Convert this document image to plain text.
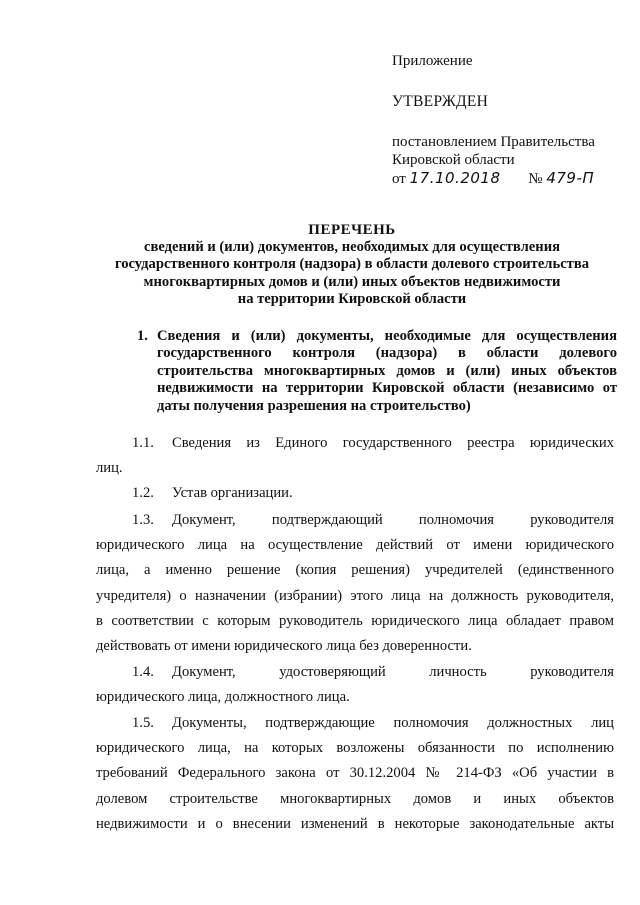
Приложение
УТВЕРЖДЕН
постановлением Правительства
Кировской области
от 17.10.2018 № 479-П
ПЕРЕЧЕНЬ
сведений и (или) документов, необходимых для осуществления
государственного контроля (надзора) в области долевого строительства
многоквартирных домов и (или) иных объектов недвижимости
на территории Кировской области
1. Сведения и (или) документы, необходимые для осуществления государственного контроля (надзора) в области долевого строительства многоквартирных домов и (или) иных объектов недвижимости на территории Кировской области (независимо от даты получения разрешения на строительство)
1.1. Сведения из Единого государственного реестра юридических
лиц.
1.2. Устав организации.
1.3. Документ, подтверждающий полномочия руководителя
юридического лица на осуществление действий от имени юридического
лица, а именно решение (копия решения) учредителей (единственного
учредителя) о назначении (избрании) этого лица на должность руководителя,
в соответствии с которым руководитель юридического лица обладает правом
действовать от имени юридического лица без доверенности.
1.4. Документ, удостоверяющий личность руководителя
юридического лица, должностного лица.
1.5. Документы, подтверждающие полномочия должностных лиц
юридического лица, на которых возложены обязанности по исполнению
требований Федерального закона от 30.12.2004 № 214-ФЗ «Об участии в
долевом строительстве многоквартирных домов и иных объектов
недвижимости и о внесении изменений в некоторые законодательные акты
